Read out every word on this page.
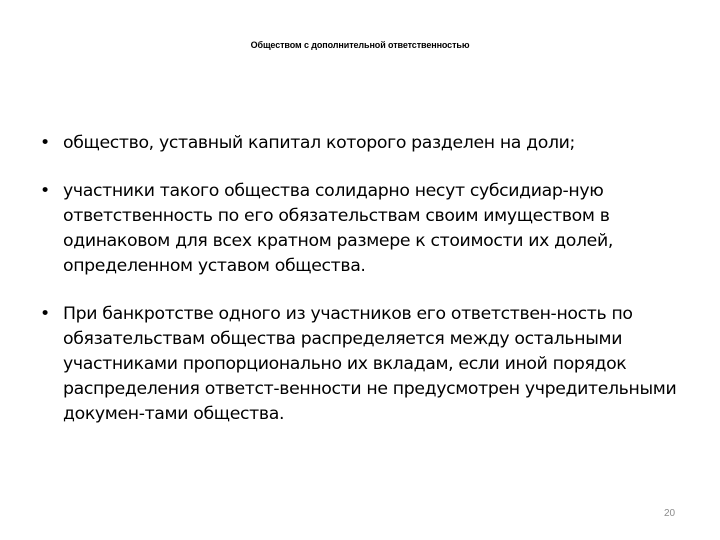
Обществом с дополнительной ответственностью
• общество, уставный капитал которого разделен на доли;
• участники такого общества солидарно несут субсидиар-ную ответственность по его обязательствам своим имуществом в одинаковом для всех кратном размере к стоимости их долей, определенном уставом общества.
• При банкротстве одного из участников его ответствен-ность по обязательствам общества распределяется между остальными участниками пропорционально их вкладам, если иной порядок распределения ответст-венности не предусмотрен учредительными докумен-тами общества.
20
